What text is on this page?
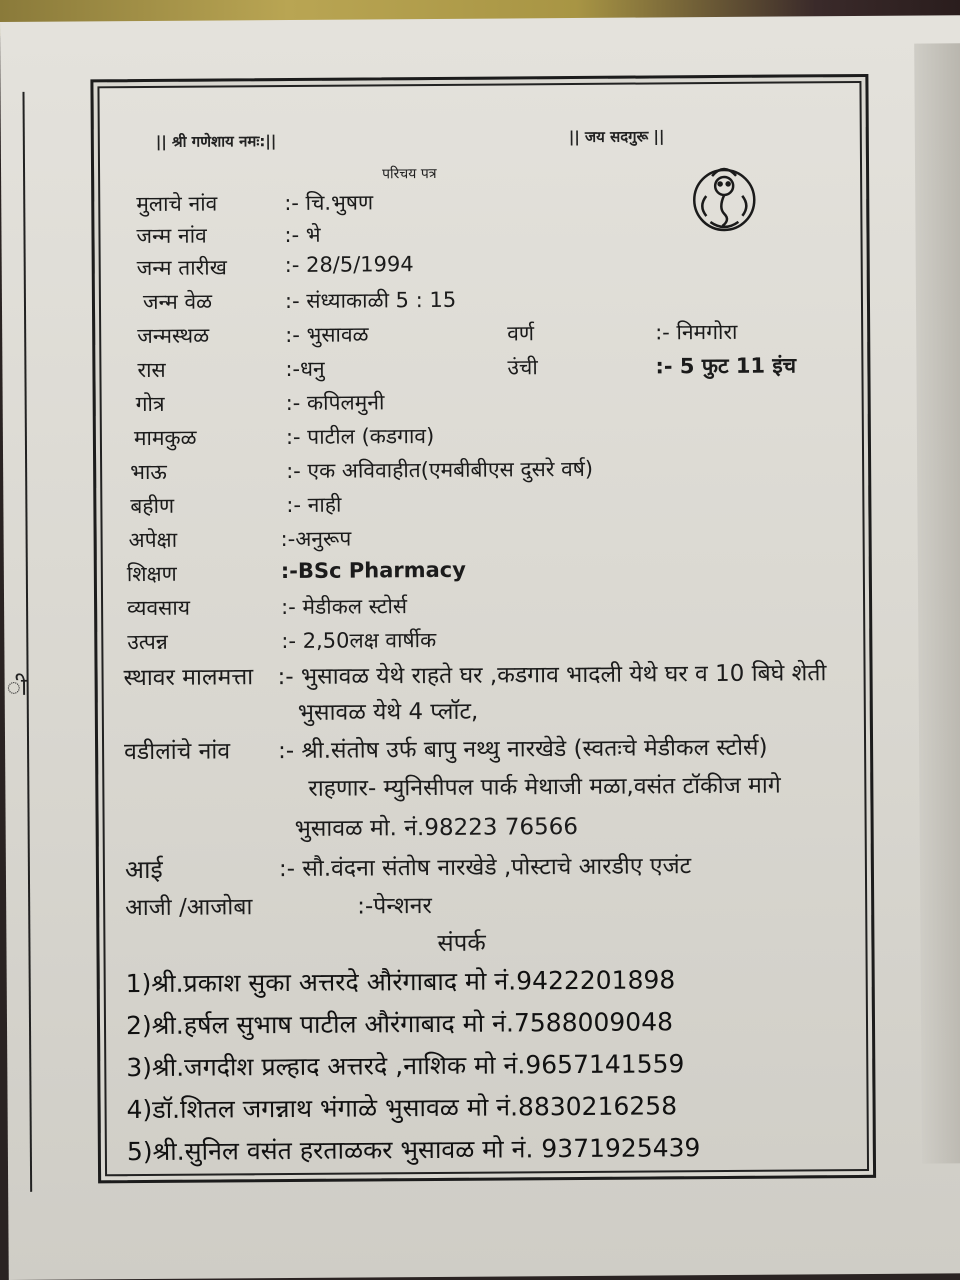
ी
|| श्री गणेशाय नमः:||	|| जय सदगुरू ||
परिचय पत्र
मुलाचे नांव	:- चि.भुषण
जन्म नांव	:- भे
जन्म तारीख	:- 28/5/1994
जन्म वेळ	:- संध्याकाळी 5 : 15
जन्मस्थळ	:- भुसावळ	वर्ण	:- निमगोरा
रास	:-धनु	उंची	:- 5 फुट 11 इंच
गोत्र	:- कपिलमुनी
मामकुळ	:- पाटील (कडगाव)
भाऊ	:- एक अविवाहीत(एमबीबीएस दुसरे वर्ष)
बहीण	:- नाही
अपेक्षा	:-अनुरूप
शिक्षण	:-BSc Pharmacy
व्यवसाय	:- मेडीकल स्टोर्स
उत्पन्न	:- 2,50लक्ष वार्षीक
स्थावर मालमत्ता :- भुसावळ येथे राहते घर ,कडगाव भादली येथे घर व 10 बिघे शेती
भुसावळ येथे 4 प्लॉट,
वडीलांचे नांव :- श्री.संतोष उर्फ बापु नथ्थु नारखेडे (स्वतःचे मेडीकल स्टोर्स)
राहणार- म्युनिसीपल पार्क मेथाजी मळा,वसंत टॉकीज मागे
भुसावळ मो. नं.98223 76566
आई	:- सौ.वंदना संतोष नारखेडे ,पोस्टाचे आरडीए एजंट
आजी /आजोबा	:-पेन्शनर
संपर्क
1)श्री.प्रकाश सुका अत्तरदे औरंगाबाद मो नं.9422201898
2)श्री.हर्षल सुभाष पाटील औरंगाबाद मो नं.7588009048
3)श्री.जगदीश प्रल्हाद अत्तरदे ,नाशिक मो नं.9657141559
4)डॉ.शितल जगन्नाथ भंगाळे भुसावळ मो नं.8830216258
5)श्री.सुनिल वसंत हरताळकर भुसावळ मो नं. 9371925439
